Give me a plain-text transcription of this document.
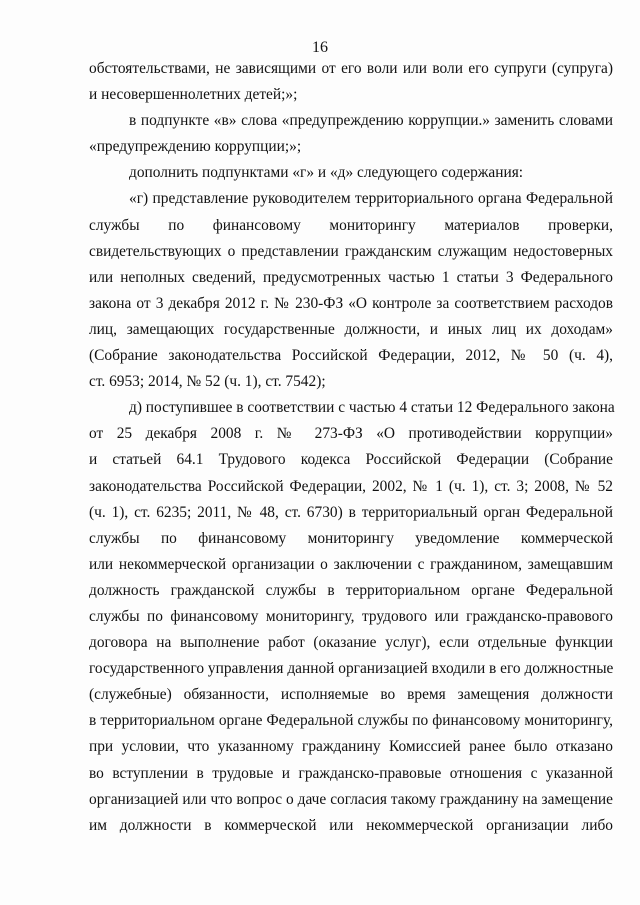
16
обстоятельствами, не зависящими от его воли или воли его супруги (супруга)
и несовершеннолетних детей;»;
в подпункте «в» слова «предупреждению коррупции.» заменить словами
«предупреждению коррупции;»;
дополнить подпунктами «г» и «д» следующего содержания:
«г) представление руководителем территориального органа Федеральной
службы по финансовому мониторингу материалов проверки,
свидетельствующих о представлении гражданским служащим недостоверных
или неполных сведений, предусмотренных частью 1 статьи 3 Федерального
закона от 3 декабря 2012 г. № 230-ФЗ «О контроле за соответствием расходов
лиц, замещающих государственные должности, и иных лиц их доходам»
(Собрание законодательства Российской Федерации, 2012, № 50 (ч. 4),
ст. 6953; 2014, № 52 (ч. 1), ст. 7542);
д) поступившее в соответствии с частью 4 статьи 12 Федерального закона
от 25 декабря 2008 г. № 273-ФЗ «О противодействии коррупции»
и статьей 64.1 Трудового кодекса Российской Федерации (Собрание
законодательства Российской Федерации, 2002, № 1 (ч. 1), ст. 3; 2008, № 52
(ч. 1), ст. 6235; 2011, № 48, ст. 6730) в территориальный орган Федеральной
службы по финансовому мониторингу уведомление коммерческой
или некоммерческой организации о заключении с гражданином, замещавшим
должность гражданской службы в территориальном органе Федеральной
службы по финансовому мониторингу, трудового или гражданско-правового
договора на выполнение работ (оказание услуг), если отдельные функции
государственного управления данной организацией входили в его должностные
(служебные) обязанности, исполняемые во время замещения должности
в территориальном органе Федеральной службы по финансовому мониторингу,
при условии, что указанному гражданину Комиссией ранее было отказано
во вступлении в трудовые и гражданско-правовые отношения с указанной
организацией или что вопрос о даче согласия такому гражданину на замещение
им должности в коммерческой или некоммерческой организации либо
